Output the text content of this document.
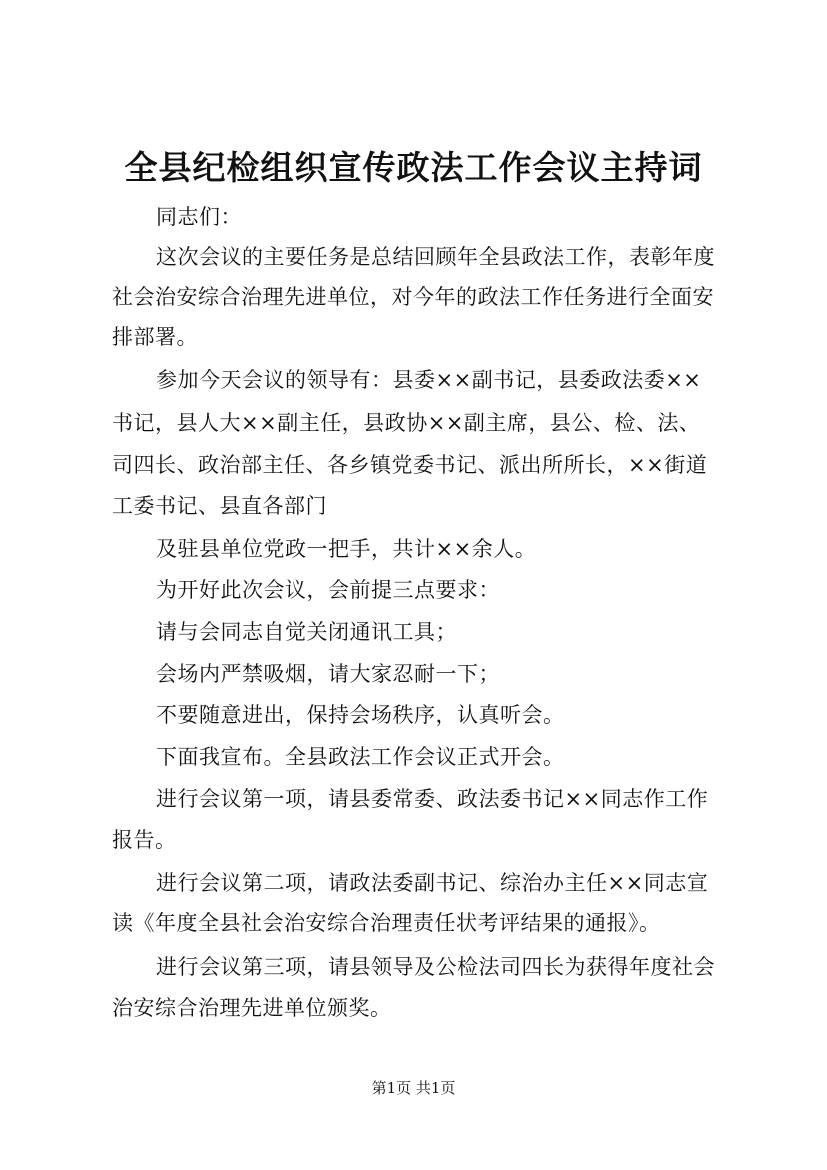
全县纪检组织宣传政法工作会议主持词
同志们：
这次会议的主要任务是总结回顾年全县政法工作，表彰年度
社会治安综合治理先进单位，对今年的政法工作任务进行全面安
排部署。
参加今天会议的领导有：县委××副书记，县委政法委××
书记，县人大××副主任，县政协××副主席，县公、检、法、
司四长、政治部主任、各乡镇党委书记、派出所所长，××街道
工委书记、县直各部门
及驻县单位党政一把手，共计××余人。
为开好此次会议，会前提三点要求：
请与会同志自觉关闭通讯工具；
会场内严禁吸烟，请大家忍耐一下；
不要随意进出，保持会场秩序，认真听会。
下面我宣布。全县政法工作会议正式开会。
进行会议第一项，请县委常委、政法委书记××同志作工作
报告。
进行会议第二项，请政法委副书记、综治办主任××同志宣
读《年度全县社会治安综合治理责任状考评结果的通报》。
进行会议第三项，请县领导及公检法司四长为获得年度社会
治安综合治理先进单位颁奖。
第1页 共1页
